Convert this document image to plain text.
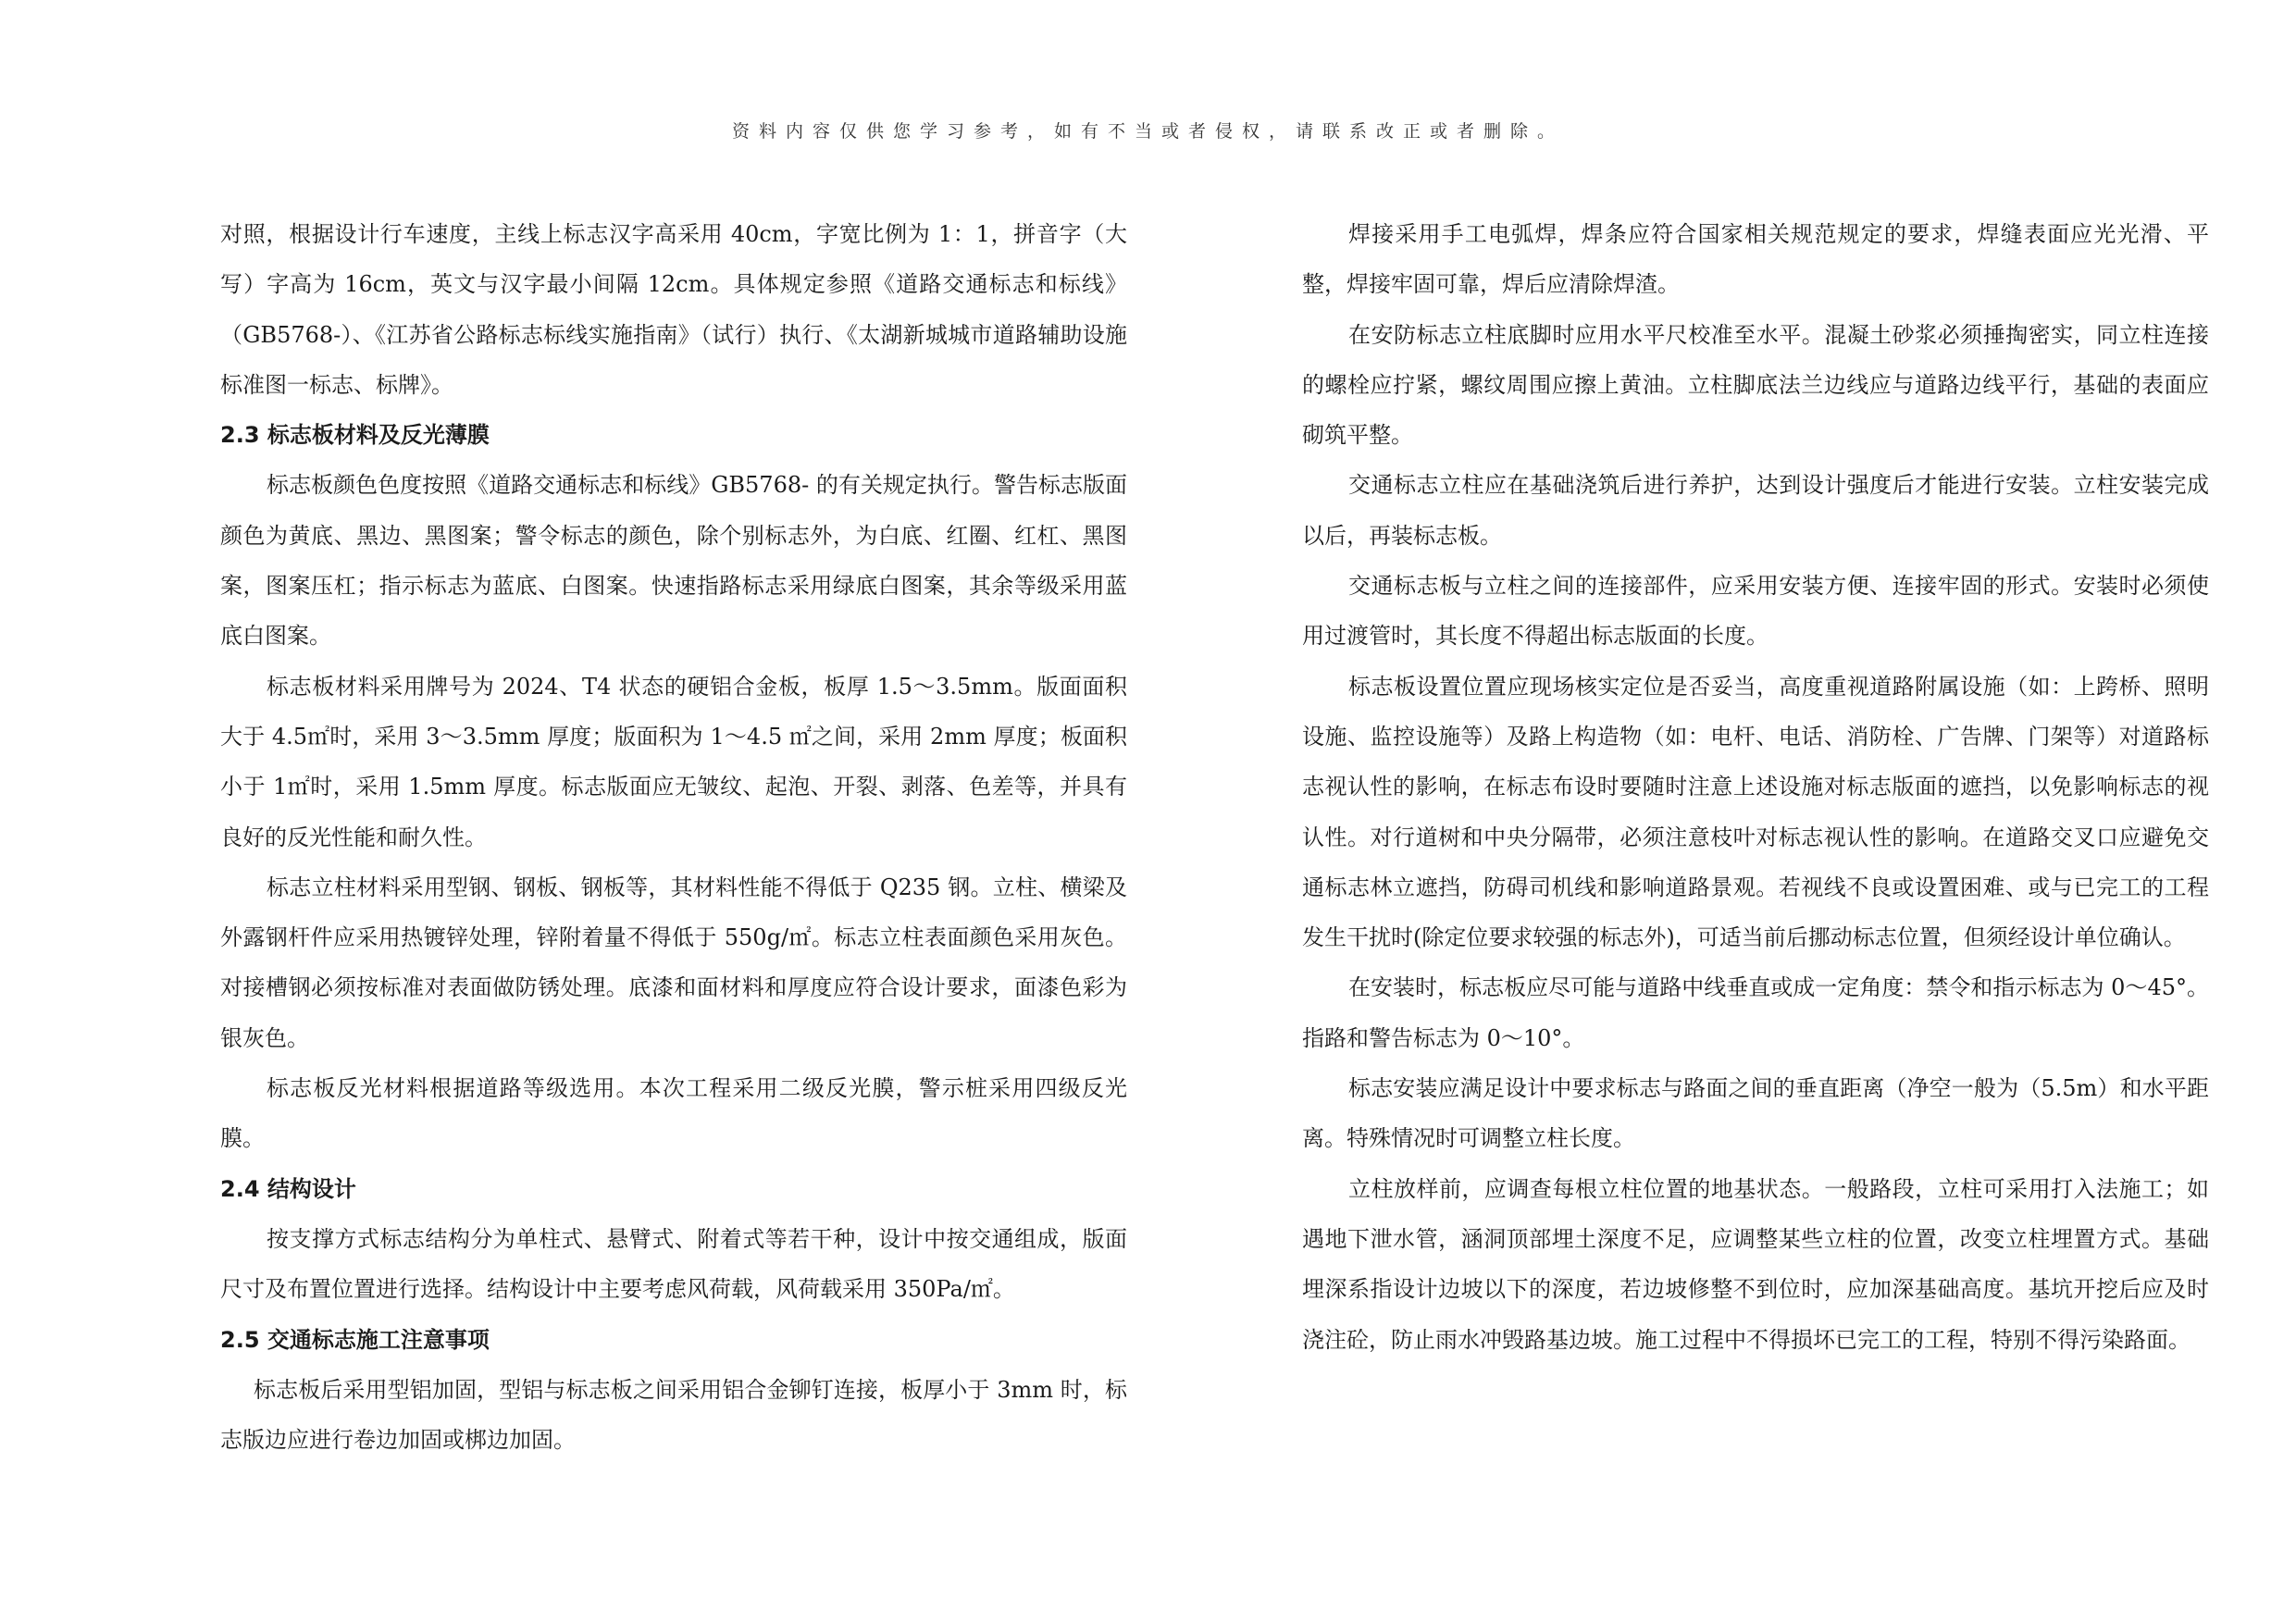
资料内容仅供您学习参考，如有不当或者侵权，请联系改正或者删除。

对照，根据设计行车速度，主线上标志汉字高采用 40cm，字宽比例为 1：1，拼音字（大写）字高为 16cm，英文与汉字最小间隔 12cm。具体规定参照《道路交通标志和标线》（GB5768-）、《江苏省公路标志标线实施指南》（试行）执行、《太湖新城城市道路辅助设施标准图一标志、标牌》。

2.3 标志板材料及反光薄膜

标志板颜色色度按照《道路交通标志和标线》GB5768- 的有关规定执行。警告标志版面颜色为黄底、黑边、黑图案；警令标志的颜色，除个别标志外，为白底、红圈、红杠、黑图案，图案压杠；指示标志为蓝底、白图案。快速指路标志采用绿底白图案，其余等级采用蓝底白图案。

标志板材料采用牌号为 2024、T4 状态的硬铝合金板，板厚 1.5～3.5mm。版面面积大于 4.5㎡时，采用 3～3.5mm 厚度；版面积为 1～4.5 ㎡之间，采用 2mm 厚度；板面积小于 1㎡时，采用 1.5mm 厚度。标志版面应无皱纹、起泡、开裂、剥落、色差等，并具有良好的反光性能和耐久性。

标志立柱材料采用型钢、钢板、钢板等，其材料性能不得低于 Q235 钢。立柱、横梁及外露钢杆件应采用热镀锌处理，锌附着量不得低于 550g/㎡。标志立柱表面颜色采用灰色。对接槽钢必须按标准对表面做防锈处理。底漆和面材料和厚度应符合设计要求，面漆色彩为银灰色。

标志板反光材料根据道路等级选用。本次工程采用二级反光膜，警示桩采用四级反光膜。

2.4 结构设计

按支撑方式标志结构分为单柱式、悬臂式、附着式等若干种，设计中按交通组成，版面尺寸及布置位置进行选择。结构设计中主要考虑风荷载，风荷载采用 350Pa/㎡。

2.5 交通标志施工注意事项

标志板后采用型铝加固，型铝与标志板之间采用铝合金铆钉连接，板厚小于 3mm 时，标志版边应进行卷边加固或梆边加固。

焊接采用手工电弧焊，焊条应符合国家相关规范规定的要求，焊缝表面应光光滑、平整，焊接牢固可靠，焊后应清除焊渣。

在安防标志立柱底脚时应用水平尺校准至水平。混凝土砂浆必须捶掏密实，同立柱连接的螺栓应拧紧，螺纹周围应擦上黄油。立柱脚底法兰边线应与道路边线平行，基础的表面应砌筑平整。

交通标志立柱应在基础浇筑后进行养护，达到设计强度后才能进行安装。立柱安装完成以后，再装标志板。

交通标志板与立柱之间的连接部件，应采用安装方便、连接牢固的形式。安装时必须使用过渡管时，其长度不得超出标志版面的长度。

标志板设置位置应现场核实定位是否妥当，高度重视道路附属设施（如：上跨桥、照明设施、监控设施等）及路上构造物（如：电杆、电话、消防栓、广告牌、门架等）对道路标志视认性的影响，在标志布设时要随时注意上述设施对标志版面的遮挡，以免影响标志的视认性。对行道树和中央分隔带，必须注意枝叶对标志视认性的影响。在道路交叉口应避免交通标志林立遮挡，防碍司机线和影响道路景观。若视线不良或设置困难、或与已完工的工程发生干扰时(除定位要求较强的标志外)，可适当前后挪动标志位置，但须经设计单位确认。

在安装时，标志板应尽可能与道路中线垂直或成一定角度：禁令和指示标志为 0～45°。指路和警告标志为 0～10°。

标志安装应满足设计中要求标志与路面之间的垂直距离（净空一般为（5.5m）和水平距离。特殊情况时可调整立柱长度。

立柱放样前，应调查每根立柱位置的地基状态。一般路段，立柱可采用打入法施工；如遇地下泄水管，涵洞顶部埋土深度不足，应调整某些立柱的位置，改变立柱埋置方式。基础埋深系指设计边坡以下的深度，若边坡修整不到位时，应加深基础高度。基坑开挖后应及时浇注砼，防止雨水冲毁路基边坡。施工过程中不得损坏已完工的工程，特别不得污染路面。
